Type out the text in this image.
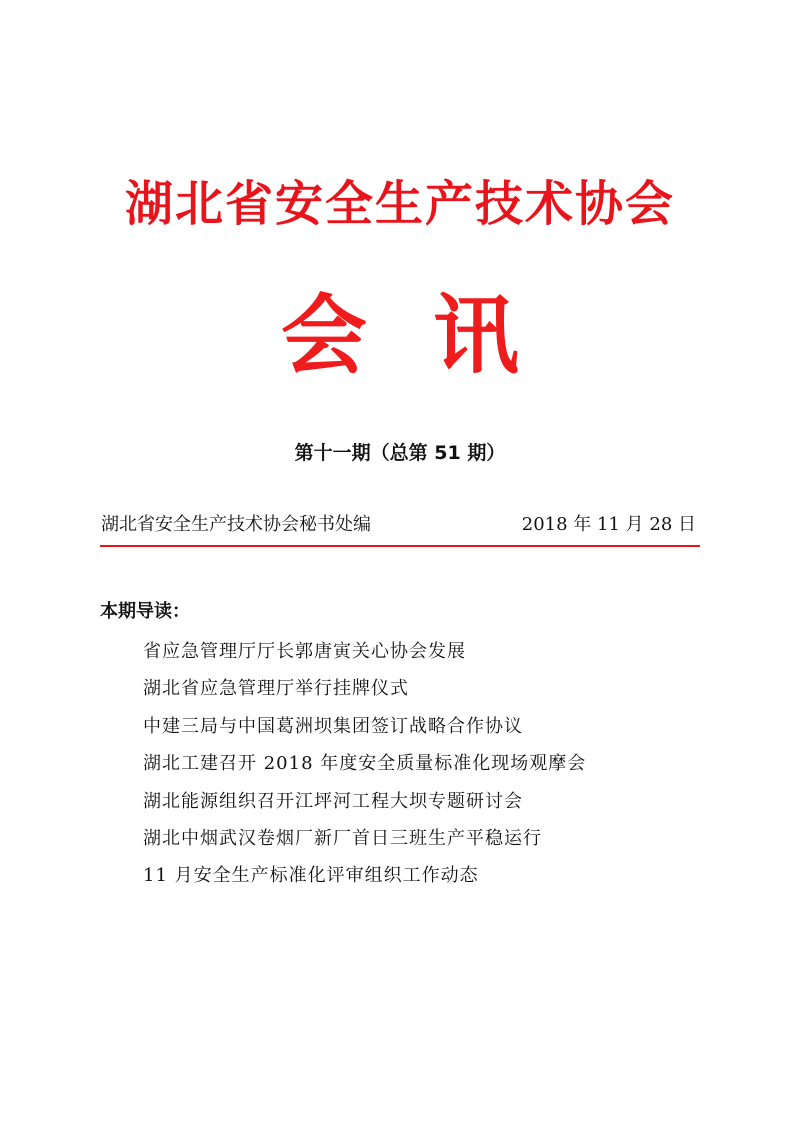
湖北省安全生产技术协会
会 讯
第十一期（总第 51 期）
湖北省安全生产技术协会秘书处编	2018 年 11 月 28 日
本期导读：
省应急管理厅厅长郭唐寅关心协会发展
湖北省应急管理厅举行挂牌仪式
中建三局与中国葛洲坝集团签订战略合作协议
湖北工建召开 2018 年度安全质量标准化现场观摩会
湖北能源组织召开江坪河工程大坝专题研讨会
湖北中烟武汉卷烟厂新厂首日三班生产平稳运行
11 月安全生产标准化评审组织工作动态
